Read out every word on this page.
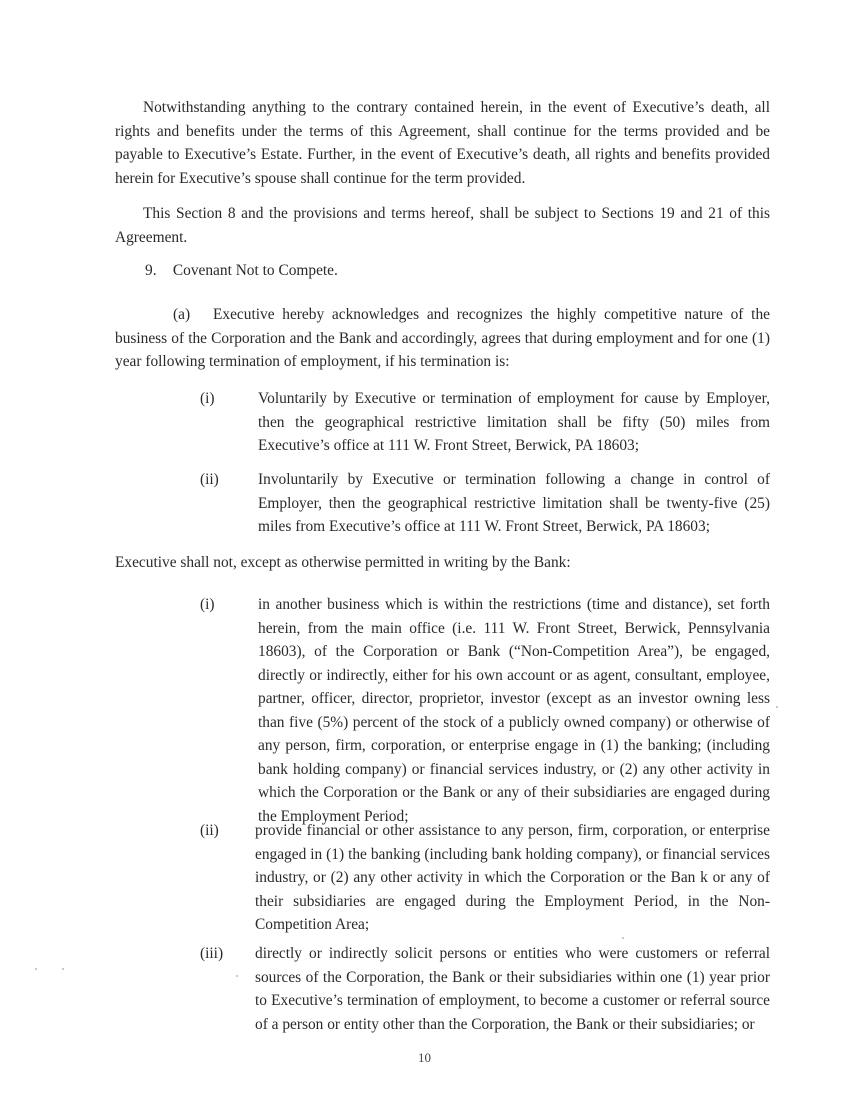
Notwithstanding anything to the contrary contained herein, in the event of Executive’s death, all rights and benefits under the terms of this Agreement, shall continue for the terms provided and be payable to Executive’s Estate. Further, in the event of Executive’s death, all rights and benefits provided herein for Executive’s spouse shall continue for the term provided.

This Section 8 and the provisions and terms hereof, shall be subject to Sections 19 and 21 of this Agreement.

9. Covenant Not to Compete.

(a) Executive hereby acknowledges and recognizes the highly competitive nature of the business of the Corporation and the Bank and accordingly, agrees that during employment and for one (1) year following termination of employment, if his termination is:

(i)	Voluntarily by Executive or termination of employment for cause by Employer, then the geographical restrictive limitation shall be fifty (50) miles from Executive’s office at 111 W. Front Street, Berwick, PA 18603;
(ii)	Involuntarily by Executive or termination following a change in control of Employer, then the geographical restrictive limitation shall be twenty-five (25) miles from Executive’s office at 111 W. Front Street, Berwick, PA 18603;

Executive shall not, except as otherwise permitted in writing by the Bank:

(i)	in another business which is within the restrictions (time and distance), set forth herein, from the main office (i.e. 111 W. Front Street, Berwick, Pennsylvania 18603), of the Corporation or Bank (“Non-Competition Area”), be engaged, directly or indirectly, either for his own account or as agent, consultant, employee, partner, officer, director, proprietor, investor (except as an investor owning less than five (5%) percent of the stock of a publicly owned company) or otherwise of any person, firm, corporation, or enterprise engage in (1) the banking; (including bank holding company) or financial services industry, or (2) any other activity in which the Corporation or the Bank or any of their subsidiaries are engaged during the Employment Period;
(ii)	provide financial or other assistance to any person, firm, corporation, or enterprise engaged in (1) the banking (including bank holding company), or financial services industry, or (2) any other activity in which the Corporation or the Ban k or any of their subsidiaries are engaged during the Employment Period, in the Non-Competition Area;
(iii)	directly or indirectly solicit persons or entities who were customers or referral sources of the Corporation, the Bank or their subsidiaries within one (1) year prior to Executive’s termination of employment, to become a customer or referral source of a person or entity other than the Corporation, the Bank or their subsidiaries; or
10
